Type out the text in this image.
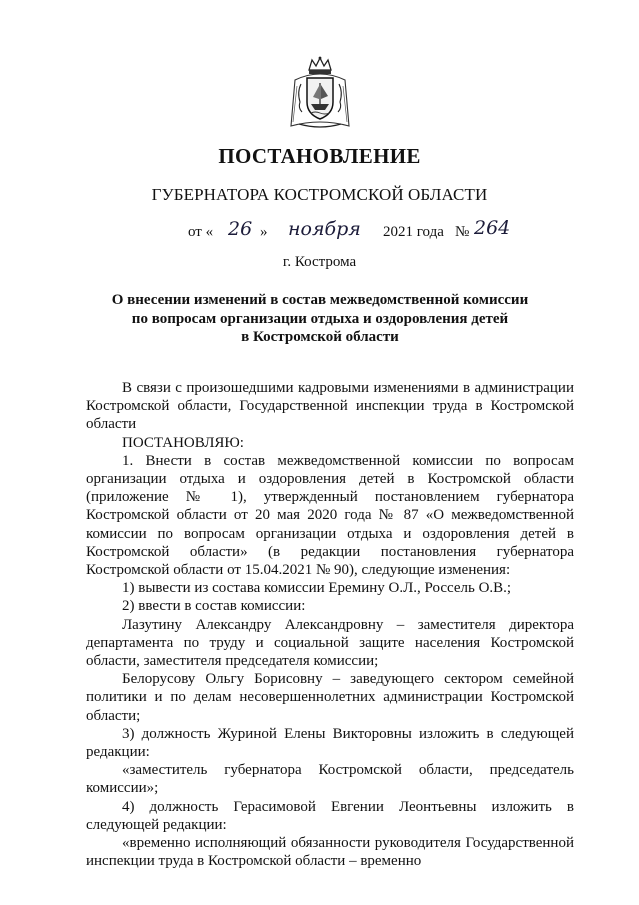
ПОСТАНОВЛЕНИЕ
ГУБЕРНАТОРА КОСТРОМСКОЙ ОБЛАСТИ
от « 26 » ноября 2021 года № 264
г. Кострома
О внесении изменений в состав межведомственной комиссии
по вопросам организации отдыха и оздоровления детей
в Костромской области

В связи с произошедшими кадровыми изменениями в администрации Костромской области, Государственной инспекции труда в Костромской области

ПОСТАНОВЛЯЮ:

1. Внести в состав межведомственной комиссии по вопросам организации отдыха и оздоровления детей в Костромской области (приложение № 1), утвержденный постановлением губернатора Костромской области от 20 мая 2020 года № 87 «О межведомственной комиссии по вопросам организации отдыха и оздоровления детей в Костромской области» (в редакции постановления губернатора Костромской области от 15.04.2021 № 90), следующие изменения:

1) вывести из состава комиссии Еремину О.Л., Россель О.В.;

2) ввести в состав комиссии:

Лазутину Александру Александровну – заместителя директора департамента по труду и социальной защите населения Костромской области, заместителя председателя комиссии;

Белорусову Ольгу Борисовну – заведующего сектором семейной политики и по делам несовершеннолетних администрации Костромской области;

3) должность Журиной Елены Викторовны изложить в следующей редакции:

«заместитель губернатора Костромской области, председатель комиссии»;

4) должность Герасимовой Евгении Леонтьевны изложить в следующей редакции:

«временно исполняющий обязанности руководителя Государственной инспекции труда в Костромской области – временно
